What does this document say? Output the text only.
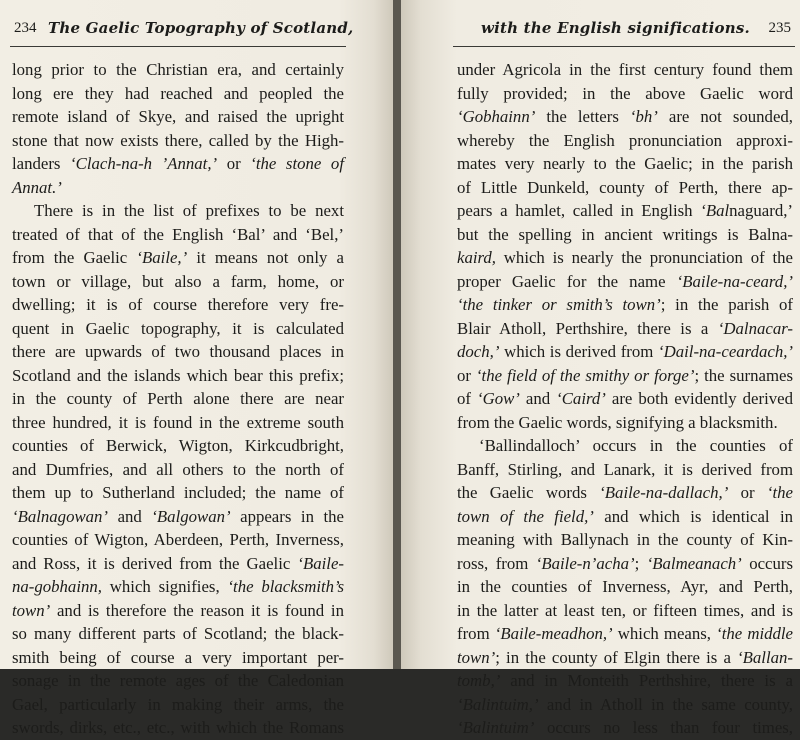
234 The Gaelic Topography of Scotland,
long prior to the Christian era, and certainly
long ere they had reached and peopled the
remote island of Skye, and raised the upright
stone that now exists there, called by the High-
landers ‘Clach-na-h ’Annat,’ or ‘the stone of
Annat.’
There is in the list of prefixes to be next
treated of that of the English ‘Bal’ and ‘Bel,’
from the Gaelic ‘Baile,’ it means not only a
town or village, but also a farm, home, or
dwelling; it is of course therefore very fre-
quent in Gaelic topography, it is calculated
there are upwards of two thousand places in
Scotland and the islands which bear this prefix;
in the county of Perth alone there are near
three hundred, it is found in the extreme south
counties of Berwick, Wigton, Kirkcudbright,
and Dumfries, and all others to the north of
them up to Sutherland included; the name of
‘Balnagowan’ and ‘Balgowan’ appears in the
counties of Wigton, Aberdeen, Perth, Inverness,
and Ross, it is derived from the Gaelic ‘Baile-
na-gobhainn, which signifies, ‘the blacksmith’s
town’ and is therefore the reason it is found in
so many different parts of Scotland; the black-
smith being of course a very important per-
sonage in the remote ages of the Caledonian
Gael, particularly in making their arms, the
swords, dirks, etc., etc., with which the Romans
with the English significations. 235
under Agricola in the first century found them
fully provided; in the above Gaelic word
‘Gobhainn’ the letters ‘bh’ are not sounded,
whereby the English pronunciation approxi-
mates very nearly to the Gaelic; in the parish
of Little Dunkeld, county of Perth, there ap-
pears a hamlet, called in English ‘Balnaguard,’
but the spelling in ancient writings is Balna-
kaird, which is nearly the pronunciation of the
proper Gaelic for the name ‘Baile-na-ceard,’
‘the tinker or smith’s town’; in the parish of
Blair Atholl, Perthshire, there is a ‘Dalnacar-
doch,’ which is derived from ‘Dail-na-ceardach,’
or ‘the field of the smithy or forge’; the surnames
of ‘Gow’ and ‘Caird’ are both evidently derived
from the Gaelic words, signifying a blacksmith.
‘Ballindalloch’ occurs in the counties of
Banff, Stirling, and Lanark, it is derived from
the Gaelic words ‘Baile-na-dallach,’ or ‘the
town of the field,’ and which is identical in
meaning with Ballynach in the county of Kin-
ross, from ‘Baile-n’acha’; ‘Balmeanach’ occurs
in the counties of Inverness, Ayr, and Perth,
in the latter at least ten, or fifteen times, and is
from ‘Baile-meadhon,’ which means, ‘the middle
town’; in the county of Elgin there is a ‘Ballan-
tomb,’ and in Monteith Perthshire, there is a
‘Balintuim,’ and in Atholl in the same county,
‘Balintuim’ occurs no less than four times,
